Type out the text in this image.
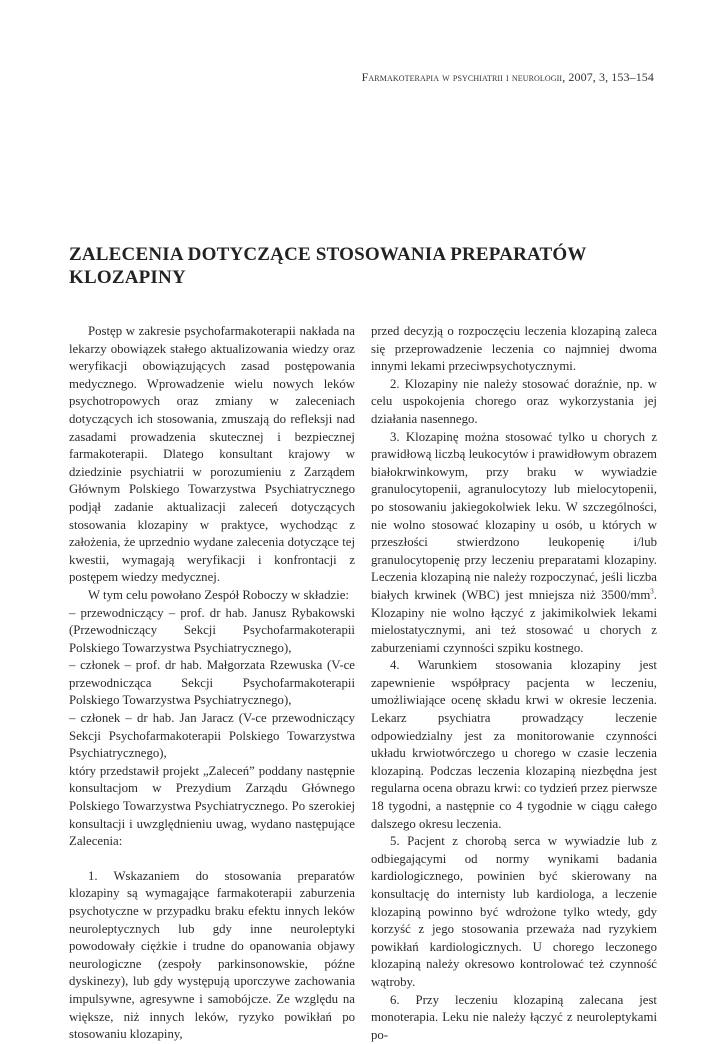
Farmakoterapia w psychiatrii i neurologii, 2007, 3, 153–154
ZALECENIA DOTYCZĄCE STOSOWANIA PREPARATÓW
KLOZAPINY

Postęp w zakresie psychofarmakoterapii nakłada na lekarzy obowiązek stałego aktualizowania wiedzy oraz weryfikacji obowiązujących zasad postępowania medycznego. Wprowadzenie wielu nowych leków psychotropowych oraz zmiany w zaleceniach dotyczących ich stosowania, zmuszają do refleksji nad zasadami prowadzenia skutecznej i bezpiecznej farmakoterapii. Dlatego konsultant krajowy w dziedzinie psychiatrii w porozumieniu z Zarządem Głównym Polskiego Towarzystwa Psychiatrycznego podjął zadanie aktualizacji zaleceń dotyczących stosowania klozapiny w praktyce, wychodząc z założenia, że uprzednio wydane zalecenia dotyczące tej kwestii, wymagają weryfikacji i konfrontacji z postępem wiedzy medycznej.

W tym celu powołano Zespół Roboczy w składzie:

– przewodniczący – prof. dr hab. Janusz Rybakowski (Przewodniczący Sekcji Psychofarmakoterapii Polskiego Towarzystwa Psychiatrycznego),

– członek – prof. dr hab. Małgorzata Rzewuska (V-ce przewodnicząca Sekcji Psychofarmakoterapii Polskiego Towarzystwa Psychiatrycznego),

– członek – dr hab. Jan Jaracz (V-ce przewodniczący Sekcji Psychofarmakoterapii Polskiego Towarzystwa Psychiatrycznego),

który przedstawił projekt „Zaleceń” poddany następnie konsultacjom w Prezydium Zarządu Głównego Polskiego Towarzystwa Psychiatrycznego. Po szerokiej konsultacji i uwzględnieniu uwag, wydano następujące Zalecenia:

1. Wskazaniem do stosowania preparatów klozapiny są wymagające farmakoterapii zaburzenia psychotyczne w przypadku braku efektu innych leków neuroleptycznych lub gdy inne neuroleptyki powodowały ciężkie i trudne do opanowania objawy neurologiczne (zespoły parkinsonowskie, późne dyskinezy), lub gdy występują uporczywe zachowania impulsywne, agresywne i samobójcze. Ze względu na większe, niż innych leków, ryzyko powikłań po stosowaniu klozapiny,

przed decyzją o rozpoczęciu leczenia klozapiną zaleca się przeprowadzenie leczenia co najmniej dwoma innymi lekami przeciwpsychotycznymi.

2. Klozapiny nie należy stosować doraźnie, np. w celu uspokojenia chorego oraz wykorzystania jej działania nasennego.

3. Klozapinę można stosować tylko u chorych z prawidłową liczbą leukocytów i prawidłowym obrazem białokrwinkowym, przy braku w wywiadzie granulocytopenii, agranulocytozy lub mielocytopenii, po stosowaniu jakiegokolwiek leku. W szczególności, nie wolno stosować klozapiny u osób, u których w przeszłości stwierdzono leukopenię i/lub granulocytopenię przy leczeniu preparatami klozapiny. Leczenia klozapiną nie należy rozpoczynać, jeśli liczba białych krwinek (WBC) jest mniejsza niż $3500/mm^3$. Klozapiny nie wolno łączyć z jakimikolwiek lekami mielostatycznymi, ani też stosować u chorych z zaburzeniami czynności szpiku kostnego.

4. Warunkiem stosowania klozapiny jest zapewnienie współpracy pacjenta w leczeniu, umożliwiające ocenę składu krwi w okresie leczenia. Lekarz psychiatra prowadzący leczenie odpowiedzialny jest za monitorowanie czynności układu krwiotwórczego u chorego w czasie leczenia klozapiną. Podczas leczenia klozapiną niezbędna jest regularna ocena obrazu krwi: co tydzień przez pierwsze 18 tygodni, a następnie co 4 tygodnie w ciągu całego dalszego okresu leczenia.

5. Pacjent z chorobą serca w wywiadzie lub z odbiegającymi od normy wynikami badania kardiologicznego, powinien być skierowany na konsultację do internisty lub kardiologa, a leczenie klozapiną powinno być wdrożone tylko wtedy, gdy korzyść z jego stosowania przeważa nad ryzykiem powikłań kardiologicznych. U chorego leczonego klozapiną należy okresowo kontrolować też czynność wątroby.

6. Przy leczeniu klozapiną zalecana jest monoterapia. Leku nie należy łączyć z neuroleptykami po-
